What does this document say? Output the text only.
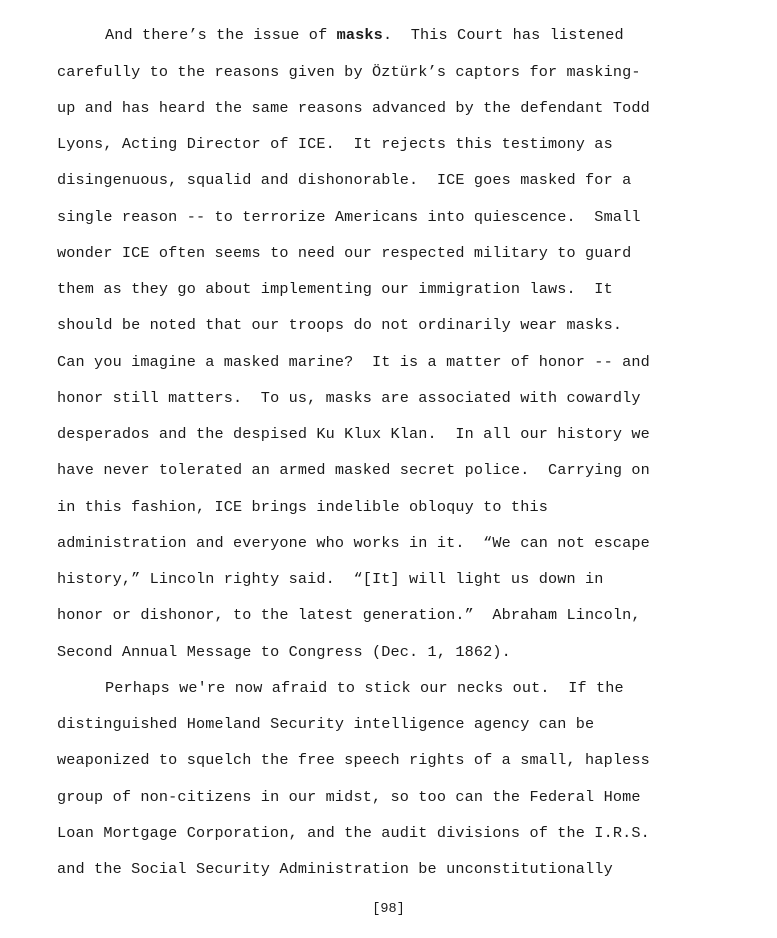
And there’s the issue of masks.  This Court has listened
carefully to the reasons given by Öztürk’s captors for masking-
up and has heard the same reasons advanced by the defendant Todd
Lyons, Acting Director of ICE.  It rejects this testimony as
disingenuous, squalid and dishonorable.  ICE goes masked for a
single reason -- to terrorize Americans into quiescence.  Small
wonder ICE often seems to need our respected military to guard
them as they go about implementing our immigration laws.  It
should be noted that our troops do not ordinarily wear masks.
Can you imagine a masked marine?  It is a matter of honor -- and
honor still matters.  To us, masks are associated with cowardly
desperados and the despised Ku Klux Klan.  In all our history we
have never tolerated an armed masked secret police.  Carrying on
in this fashion, ICE brings indelible obloquy to this
administration and everyone who works in it.  “We can not escape
history,” Lincoln righty said.  “[It] will light us down in
honor or dishonor, to the latest generation.”  Abraham Lincoln,
Second Annual Message to Congress (Dec. 1, 1862).
Perhaps we're now afraid to stick our necks out.  If the
distinguished Homeland Security intelligence agency can be
weaponized to squelch the free speech rights of a small, hapless
group of non-citizens in our midst, so too can the Federal Home
Loan Mortgage Corporation, and the audit divisions of the I.R.S.
and the Social Security Administration be unconstitutionally
[98]
